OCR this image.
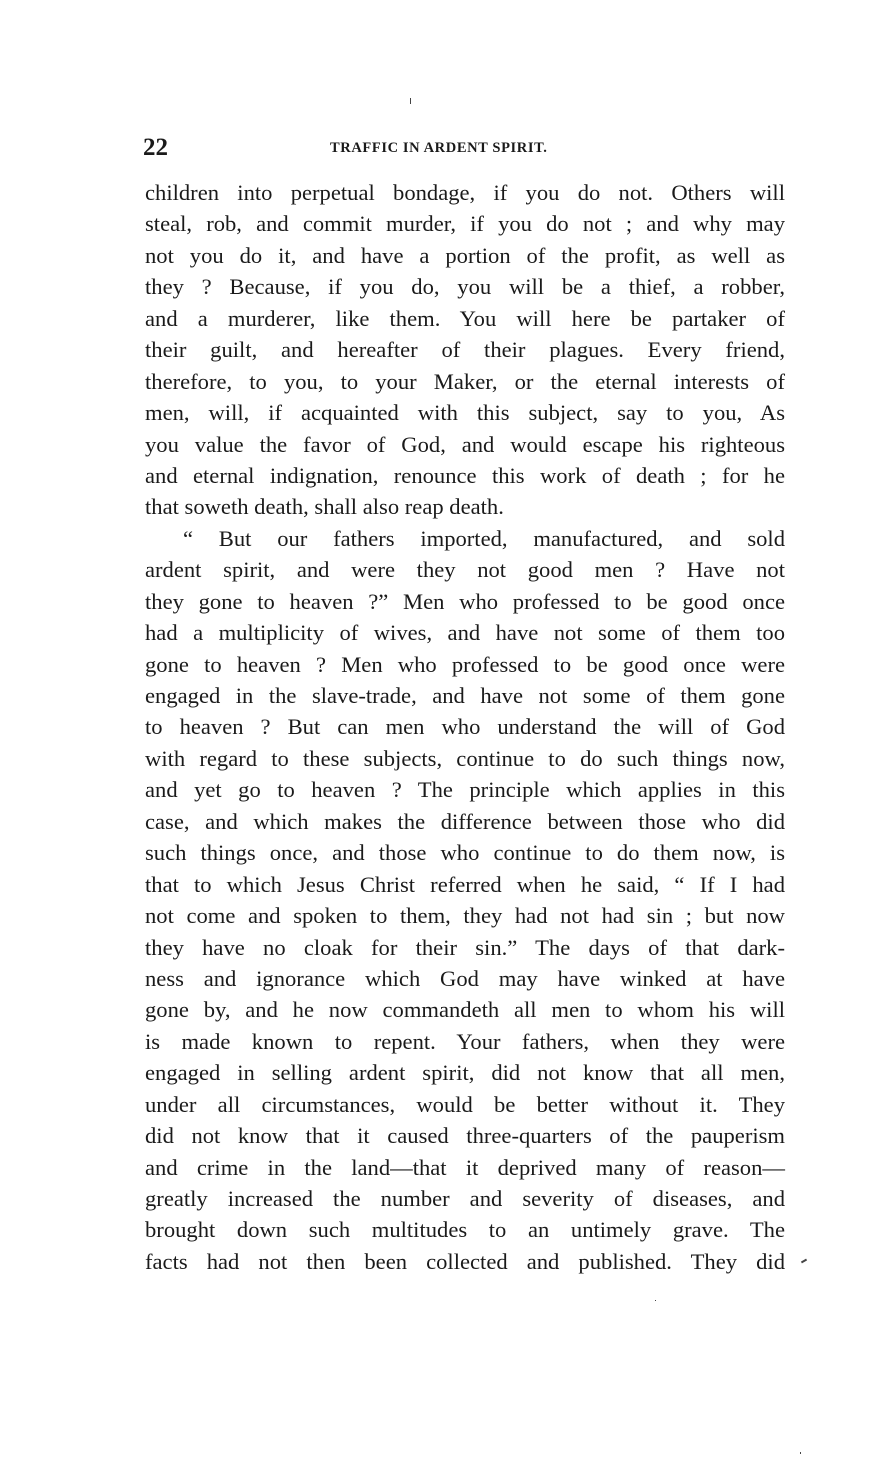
22	TRAFFIC IN ARDENT SPIRIT.
children into perpetual bondage, if you do not. Others will
steal, rob, and commit murder, if you do not ; and why may
not you do it, and have a portion of the profit, as well as
they ? Because, if you do, you will be a thief, a robber,
and a murderer, like them. You will here be partaker of
their guilt, and hereafter of their plagues. Every friend,
therefore, to you, to your Maker, or the eternal interests of
men, will, if acquainted with this subject, say to you, As
you value the favor of God, and would escape his righteous
and eternal indignation, renounce this work of death ; for he
that soweth death, shall also reap death.
“ But our fathers imported, manufactured, and sold
ardent spirit, and were they not good men ? Have not
they gone to heaven ?” Men who professed to be good once
had a multiplicity of wives, and have not some of them too
gone to heaven ? Men who professed to be good once were
engaged in the slave-trade, and have not some of them gone
to heaven ? But can men who understand the will of God
with regard to these subjects, continue to do such things now,
and yet go to heaven ? The principle which applies in this
case, and which makes the difference between those who did
such things once, and those who continue to do them now, is
that to which Jesus Christ referred when he said, “ If I had
not come and spoken to them, they had not had sin ; but now
they have no cloak for their sin.” The days of that dark-
ness and ignorance which God may have winked at have
gone by, and he now commandeth all men to whom his will
is made known to repent. Your fathers, when they were
engaged in selling ardent spirit, did not know that all men,
under all circumstances, would be better without it. They
did not know that it caused three-quarters of the pauperism
and crime in the land—that it deprived many of reason—
greatly increased the number and severity of diseases, and
brought down such multitudes to an untimely grave. The
facts had not then been collected and published. They did
